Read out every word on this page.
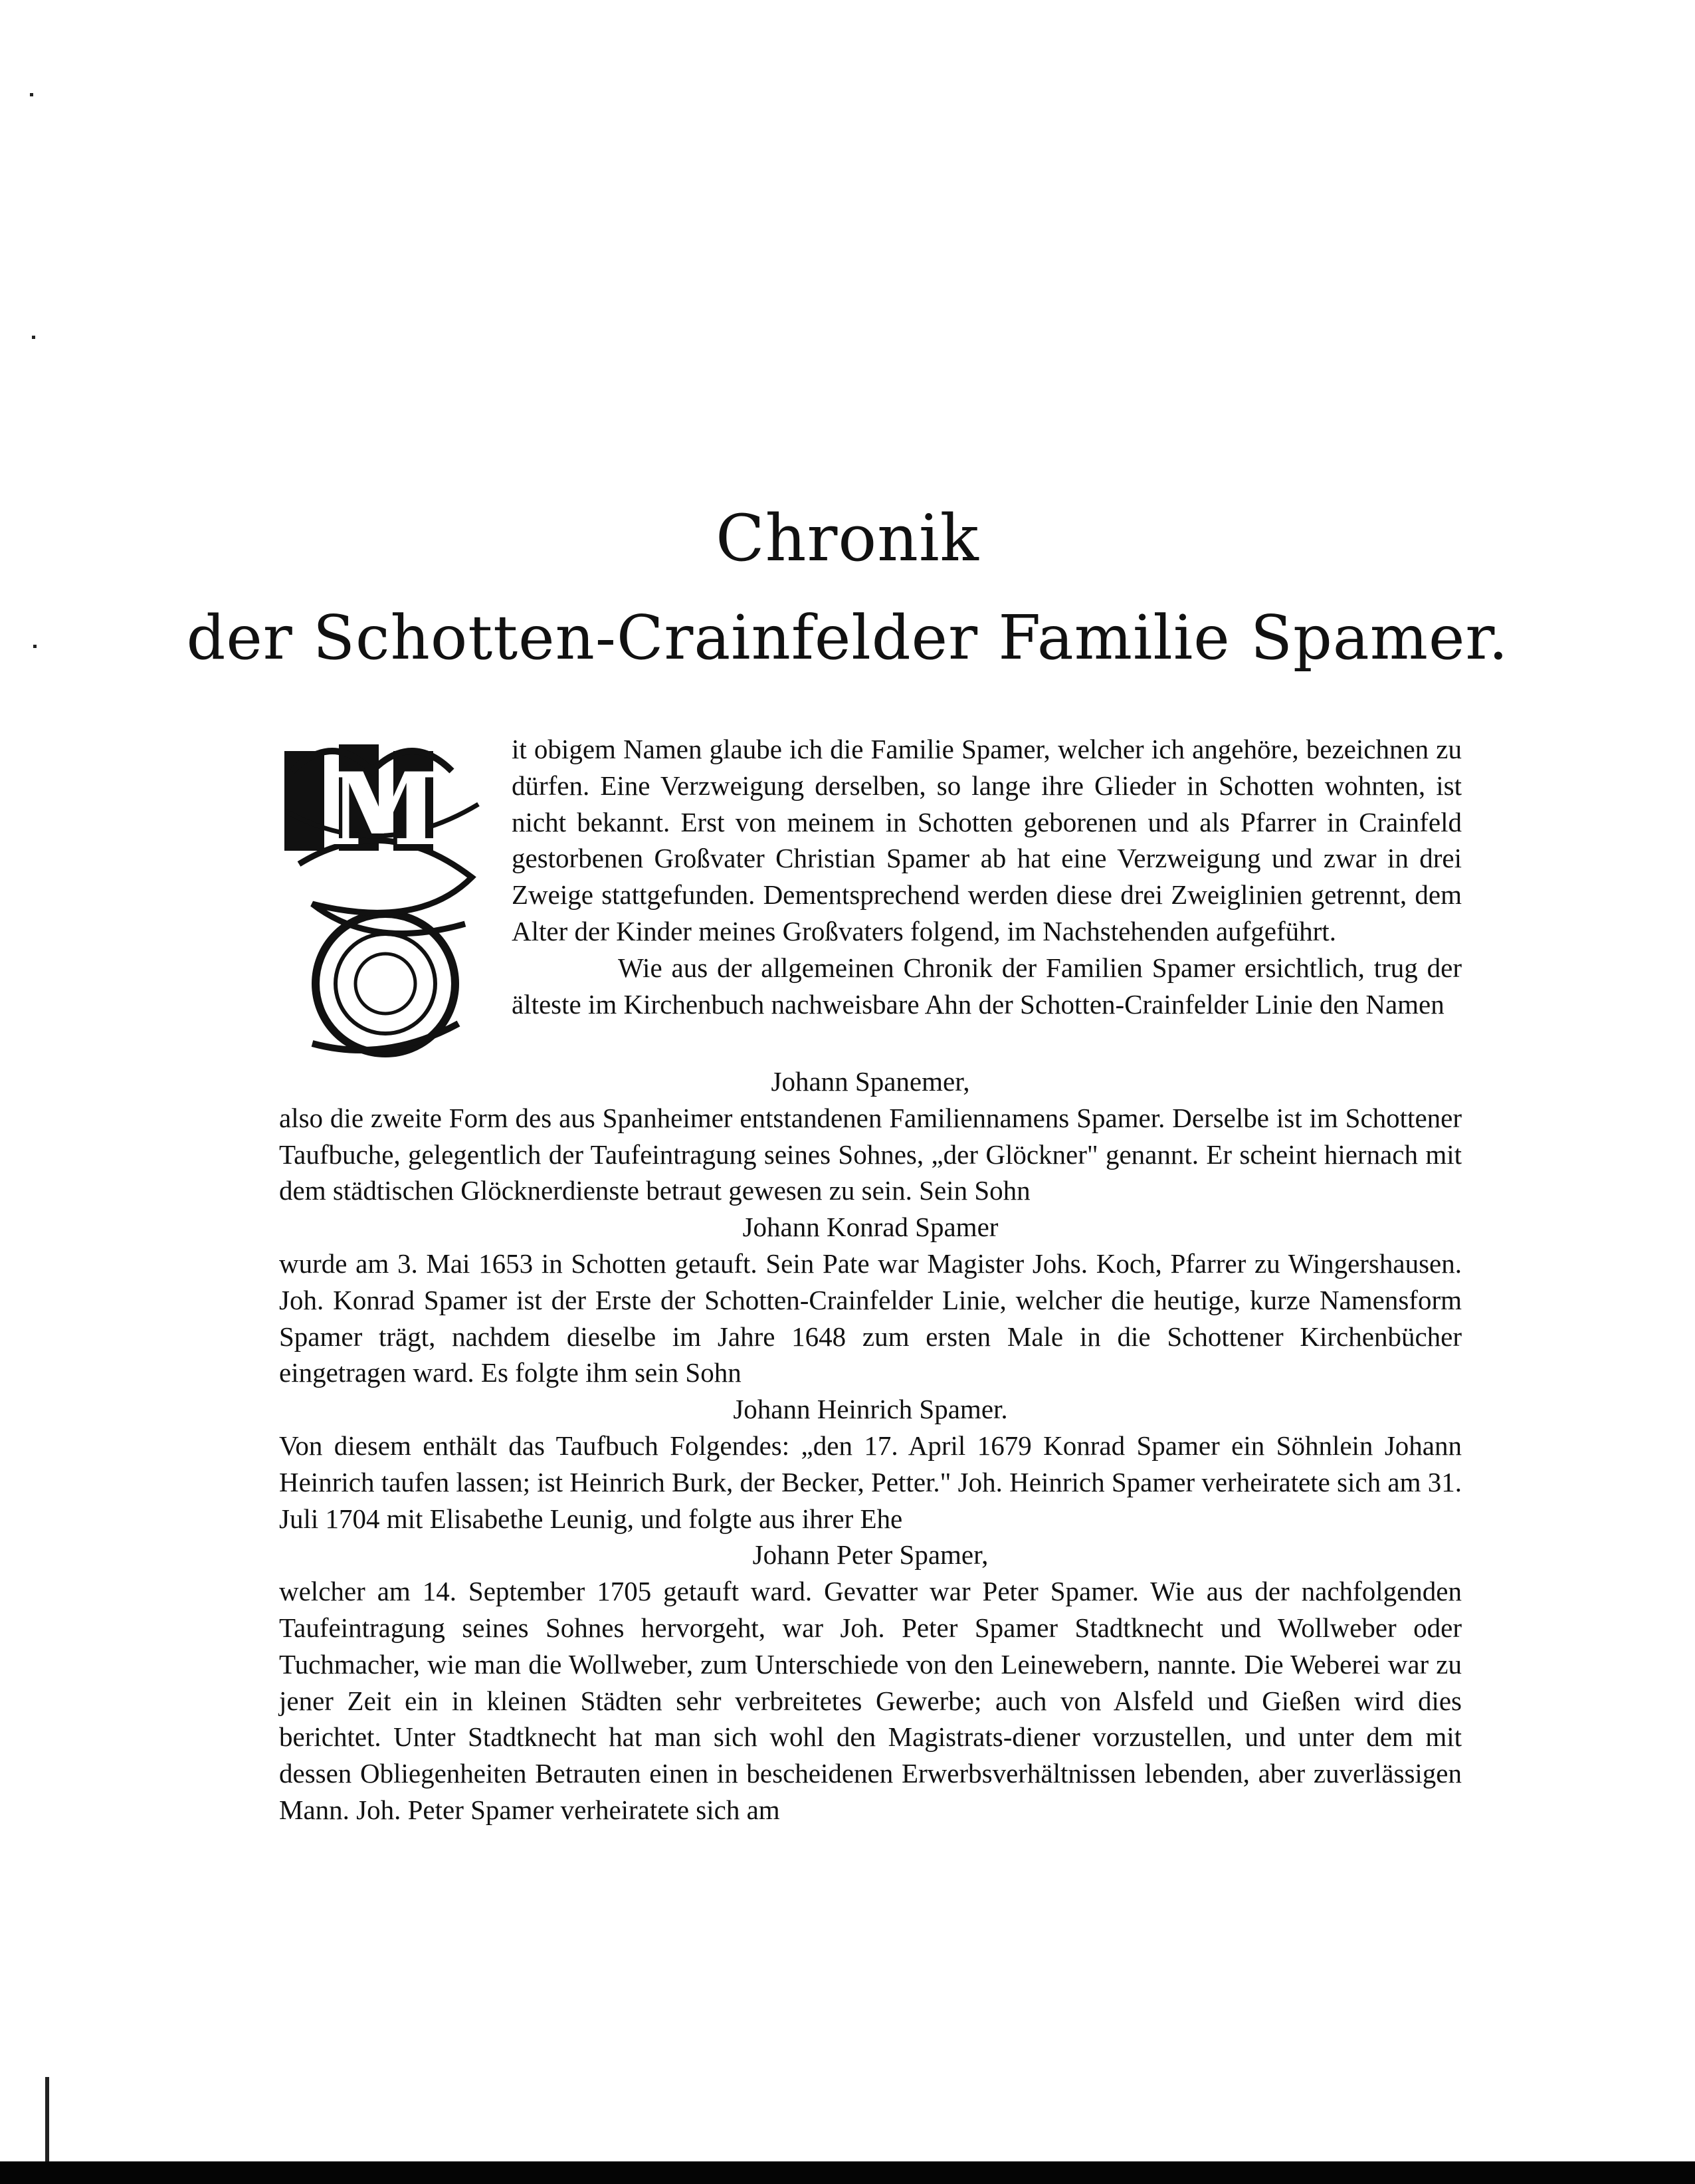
Chronik
der Schotten-Crainfelder Familie Spamer.
M

it obigem Namen glaube ich die Familie Spamer, welcher ich angehöre, bezeichnen zu dürfen. Eine Verzweigung derselben, so lange ihre Glieder in Schotten wohnten, ist nicht bekannt. Erst von meinem in Schotten geborenen und als Pfarrer in Crainfeld gestorbenen Großvater Christian Spamer ab hat eine Verzweigung und zwar in drei Zweige stattgefunden. Dementsprechend werden diese drei Zweiglinien getrennt, dem Alter der Kinder meines Großvaters folgend, im Nachstehenden aufgeführt.

Wie aus der allgemeinen Chronik der Familien Spamer ersichtlich, trug der älteste im Kirchenbuch nachweisbare Ahn der Schotten-Crainfelder Linie den Namen

Johann Spanemer,

also die zweite Form des aus Spanheimer entstandenen Familiennamens Spamer. Derselbe ist im Schottener Taufbuche, gelegentlich der Taufeintragung seines Sohnes, „der Glöckner" genannt. Er scheint hiernach mit dem städtischen Glöcknerdienste betraut gewesen zu sein. Sein Sohn

Johann Konrad Spamer

wurde am 3. Mai 1653 in Schotten getauft. Sein Pate war Magister Johs. Koch, Pfarrer zu Wingershausen. Joh. Konrad Spamer ist der Erste der Schotten-Crainfelder Linie, welcher die heutige, kurze Namensform Spamer trägt, nachdem dieselbe im Jahre 1648 zum ersten Male in die Schottener Kirchenbücher eingetragen ward. Es folgte ihm sein Sohn

Johann Heinrich Spamer.

Von diesem enthält das Taufbuch Folgendes: „den 17. April 1679 Konrad Spamer ein Söhnlein Johann Heinrich taufen lassen; ist Heinrich Burk, der Becker, Petter." Joh. Heinrich Spamer verheiratete sich am 31. Juli 1704 mit Elisabethe Leunig, und folgte aus ihrer Ehe

Johann Peter Spamer,

welcher am 14. September 1705 getauft ward. Gevatter war Peter Spamer. Wie aus der nachfolgenden Taufeintragung seines Sohnes hervorgeht, war Joh. Peter Spamer Stadtknecht und Wollweber oder Tuchmacher, wie man die Wollweber, zum Unterschiede von den Leinewebern, nannte. Die Weberei war zu jener Zeit ein in kleinen Städten sehr verbreitetes Gewerbe; auch von Alsfeld und Gießen wird dies berichtet. Unter Stadtknecht hat man sich wohl den Magistrats-diener vorzustellen, und unter dem mit dessen Obliegenheiten Betrauten einen in bescheidenen Erwerbsverhältnissen lebenden, aber zuverlässigen Mann. Joh. Peter Spamer verheiratete sich am
